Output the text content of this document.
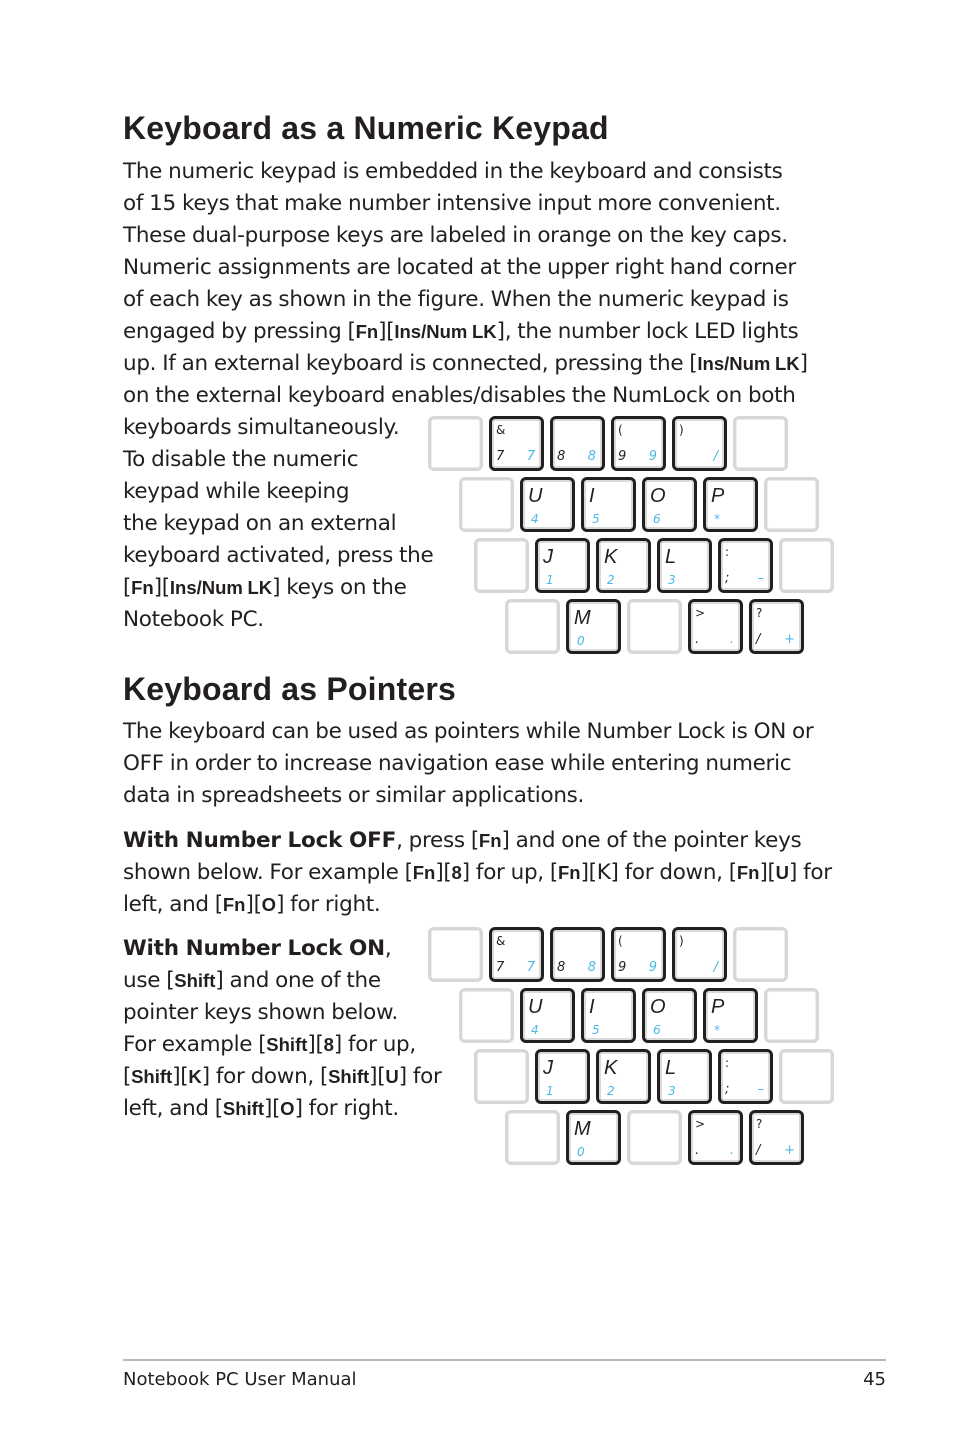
Keyboard as a Numeric Keypad
The numeric keypad is embedded in the keyboard and consists
of 15 keys that make number intensive input more convenient.
These dual-purpose keys are labeled in orange on the key caps.
Numeric assignments are located at the upper right hand corner
of each key as shown in the figure. When the numeric keypad is
engaged by pressing [Fn][Ins/Num LK], the number lock LED lights
up. If an external keyboard is connected, pressing the [Ins/Num LK]
on the external keyboard enables/disables the NumLock on both
keyboards simultaneously.
To disable the numeric
keypad while keeping
the keypad on an external
keyboard activated, press the
[Fn][Ins/Num LK] keys on the
Notebook PC.
&
7 7 8 8
(
9 9
)
/
U
4
I
5
O
6
P
*
J
1
K
2
L
3
:
; –
M
0
>
. .
?
/ +
Keyboard as Pointers
The keyboard can be used as pointers while Number Lock is ON or
OFF in order to increase navigation ease while entering numeric
data in spreadsheets or similar applications.
With Number Lock OFF, press [Fn] and one of the pointer keys
shown below. For example [Fn][8] for up, [Fn][K] for down, [Fn][U] for
left, and [Fn][O] for right.
With Number Lock ON,
use [Shift] and one of the
pointer keys shown below.
For example [Shift][8] for up,
[Shift][K] for down, [Shift][U] for
left, and [Shift][O] for right.
&
7 7 8 8
(
9 9
)
/
U
4
I
5
O
6
P
*
J
1
K
2
L
3
:
; –
M
0
>
. .
?
/ +
Notebook PC User Manual	45
